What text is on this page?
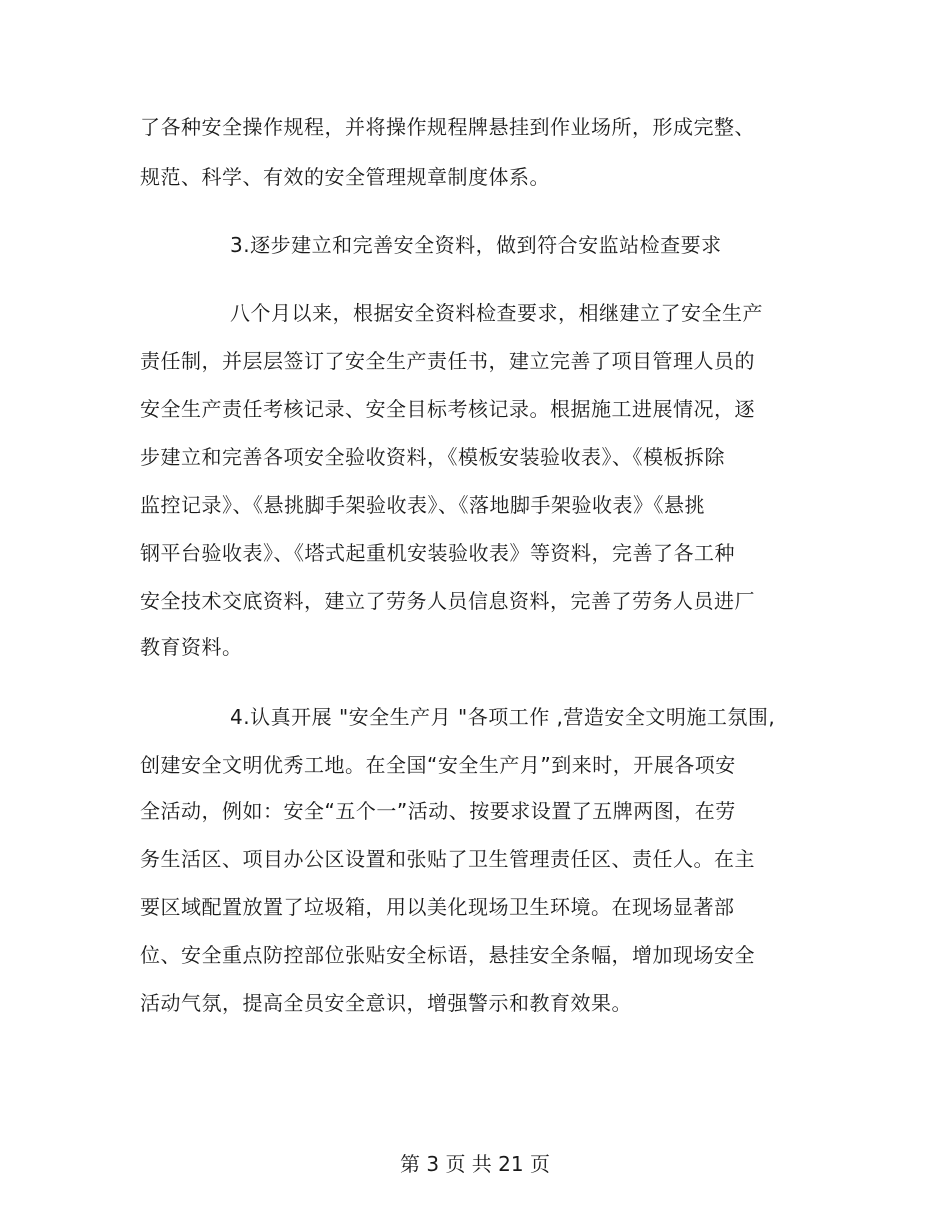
了各种安全操作规程，并将操作规程牌悬挂到作业场所，形成完整、
规范、科学、有效的安全管理规章制度体系。
3.逐步建立和完善安全资料，做到符合安监站检查要求
八个月以来，根据安全资料检查要求，相继建立了安全生产
责任制，并层层签订了安全生产责任书，建立完善了项目管理人员的
安全生产责任考核记录、安全目标考核记录。根据施工进展情况，逐
步建立和完善各项安全验收资料，《模板安装验收表》、《模板拆除
监控记录》、《悬挑脚手架验收表》、《落地脚手架验收表》《悬挑
钢平台验收表》、《塔式起重机安装验收表》等资料，完善了各工种
安全技术交底资料，建立了劳务人员信息资料，完善了劳务人员进厂
教育资料。
4.认真开展 "安全生产月 "各项工作 ,营造安全文明施工氛围,
创建安全文明优秀工地。在全国“安全生产月”到来时，开展各项安
全活动，例如：安全“五个一”活动、按要求设置了五牌两图，在劳
务生活区、项目办公区设置和张贴了卫生管理责任区、责任人。在主
要区域配置放置了垃圾箱，用以美化现场卫生环境。在现场显著部
位、安全重点防控部位张贴安全标语，悬挂安全条幅，增加现场安全
活动气氛，提高全员安全意识，增强警示和教育效果。
第 3 页 共 21 页
